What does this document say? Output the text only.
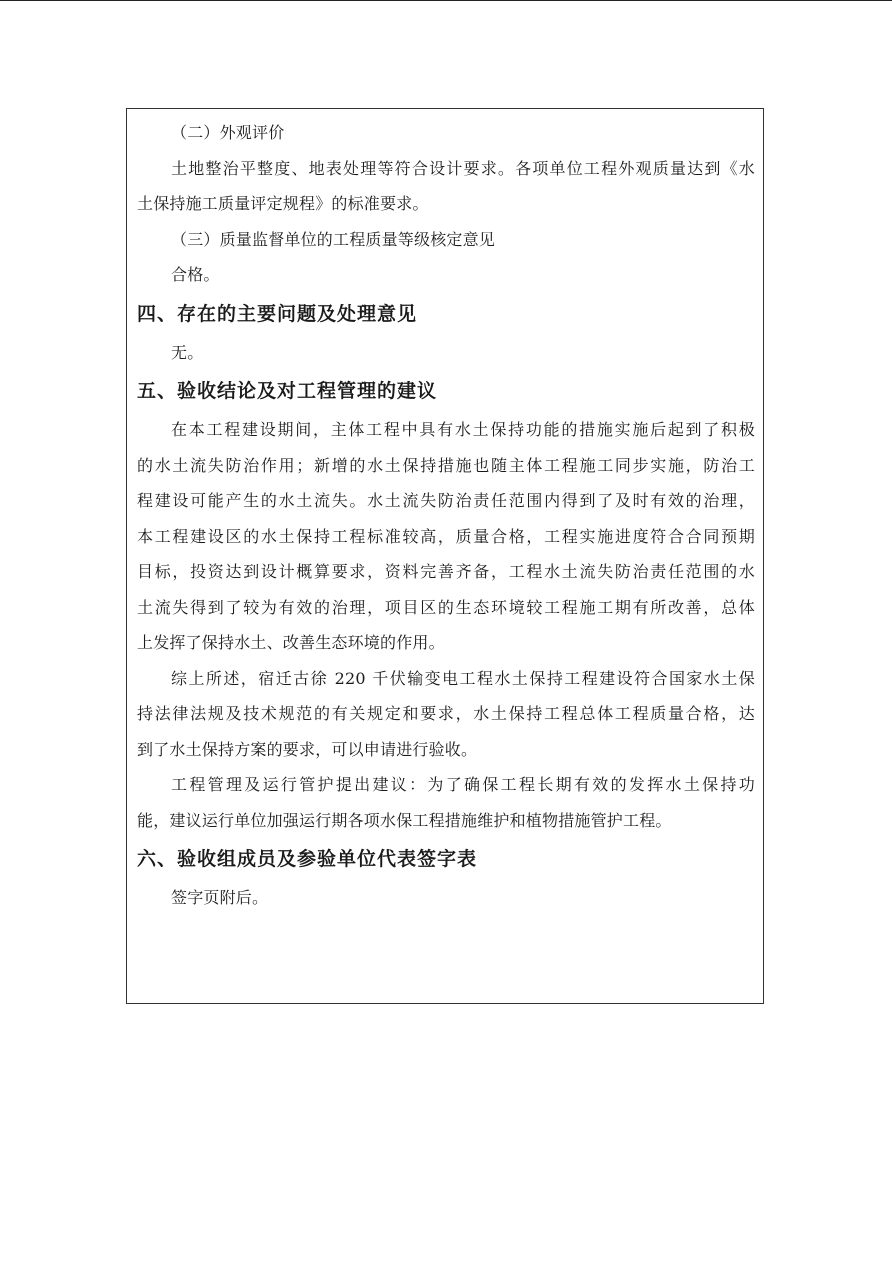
（二）外观评价
土地整治平整度、地表处理等符合设计要求。各项单位工程外观质量达到《水
土保持施工质量评定规程》的标准要求。
（三）质量监督单位的工程质量等级核定意见
合格。
四、存在的主要问题及处理意见
无。
五、验收结论及对工程管理的建议
在本工程建设期间，主体工程中具有水土保持功能的措施实施后起到了积极
的水土流失防治作用；新增的水土保持措施也随主体工程施工同步实施，防治工
程建设可能产生的水土流失。水土流失防治责任范围内得到了及时有效的治理，
本工程建设区的水土保持工程标准较高，质量合格，工程实施进度符合合同预期
目标，投资达到设计概算要求，资料完善齐备，工程水土流失防治责任范围的水
土流失得到了较为有效的治理，项目区的生态环境较工程施工期有所改善，总体
上发挥了保持水土、改善生态环境的作用。
综上所述，宿迁古徐 220 千伏输变电工程水土保持工程建设符合国家水土保
持法律法规及技术规范的有关规定和要求，水土保持工程总体工程质量合格，达
到了水土保持方案的要求，可以申请进行验收。
工程管理及运行管护提出建议：为了确保工程长期有效的发挥水土保持功
能，建议运行单位加强运行期各项水保工程措施维护和植物措施管护工程。
六、验收组成员及参验单位代表签字表
签字页附后。
